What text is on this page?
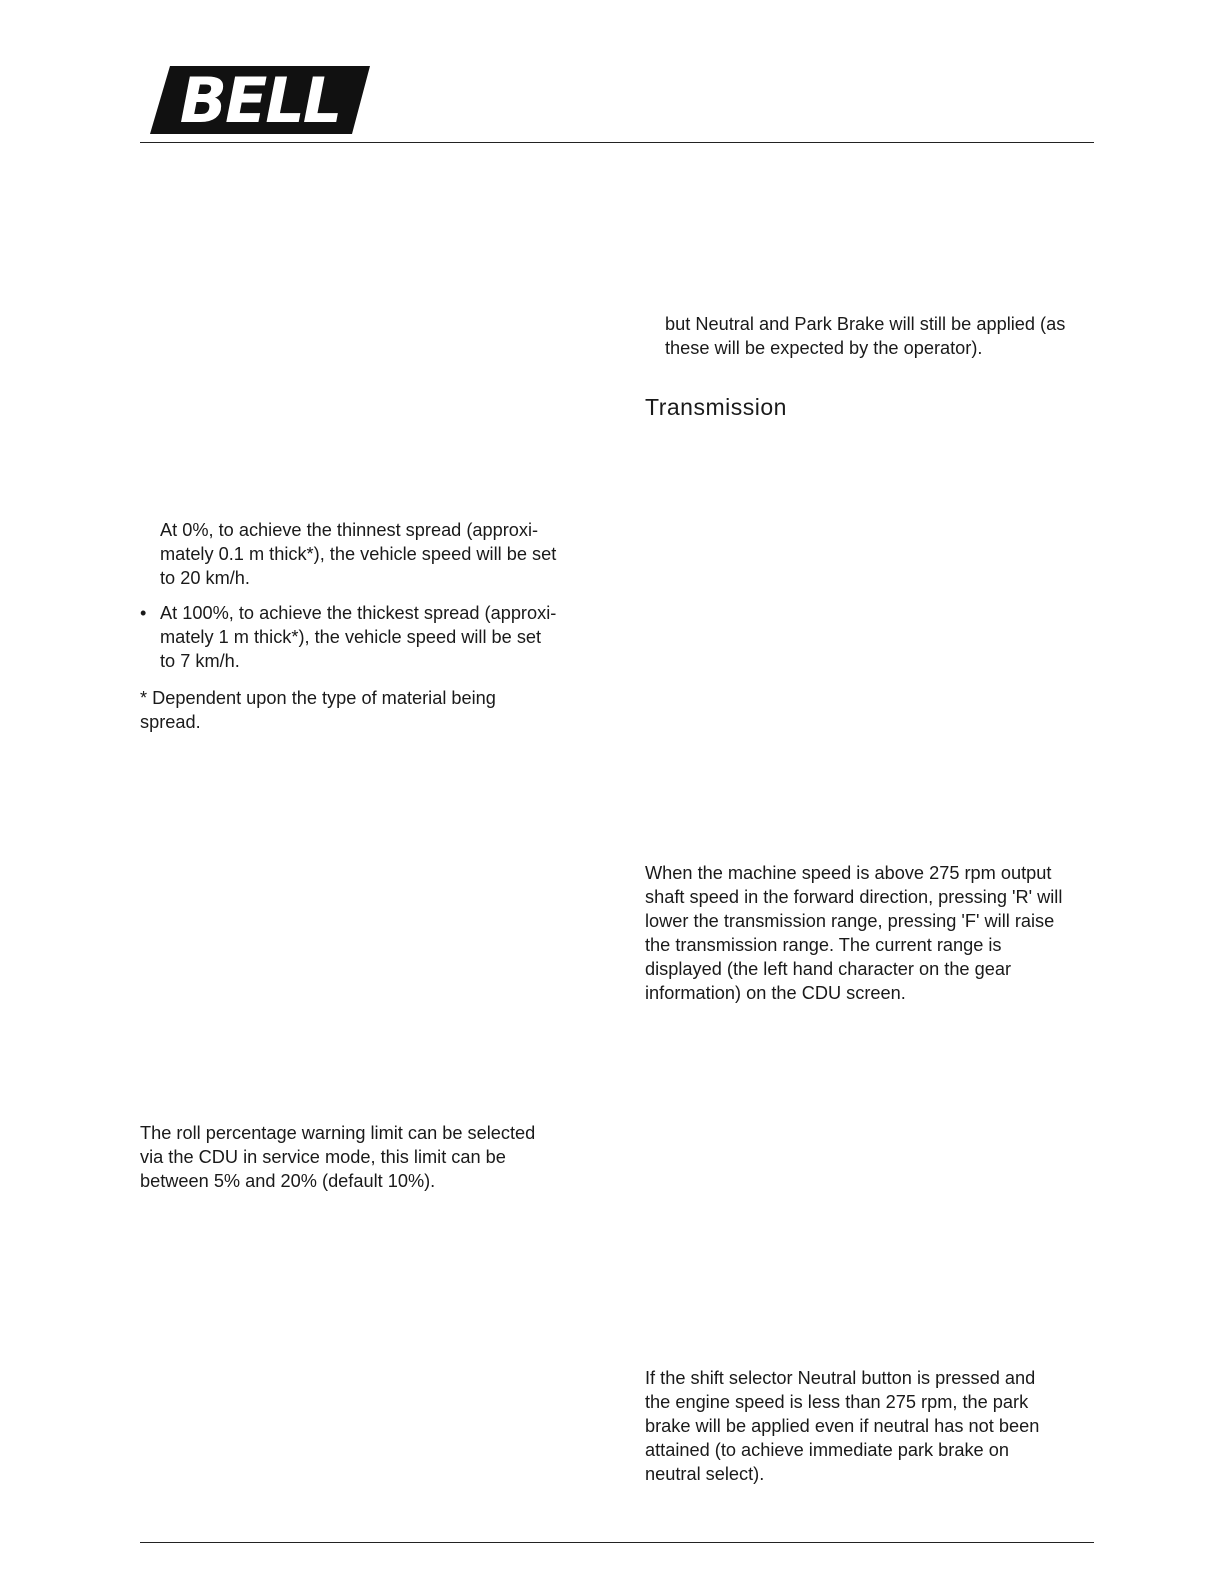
BELL

but Neutral and Park Brake will still be applied (as
these will be expected by the operator).

Transmission
At 0%, to achieve the thinnest spread (approxi-
mately 0.1 m thick*), the vehicle speed will be set
to 20 km/h.
• At 100%, to achieve the thickest spread (approxi-
mately 1 m thick*), the vehicle speed will be set
to 7 km/h.

* Dependent upon the type of material being
spread.

When the machine speed is above 275 rpm output
shaft speed in the forward direction, pressing 'R' will
lower the transmission range, pressing 'F' will raise
the transmission range. The current range is
displayed (the left hand character on the gear
information) on the CDU screen.

The roll percentage warning limit can be selected
via the CDU in service mode, this limit can be
between 5% and 20% (default 10%).

If the shift selector Neutral button is pressed and
the engine speed is less than 275 rpm, the park
brake will be applied even if neutral has not been
attained (to achieve immediate park brake on
neutral select).
